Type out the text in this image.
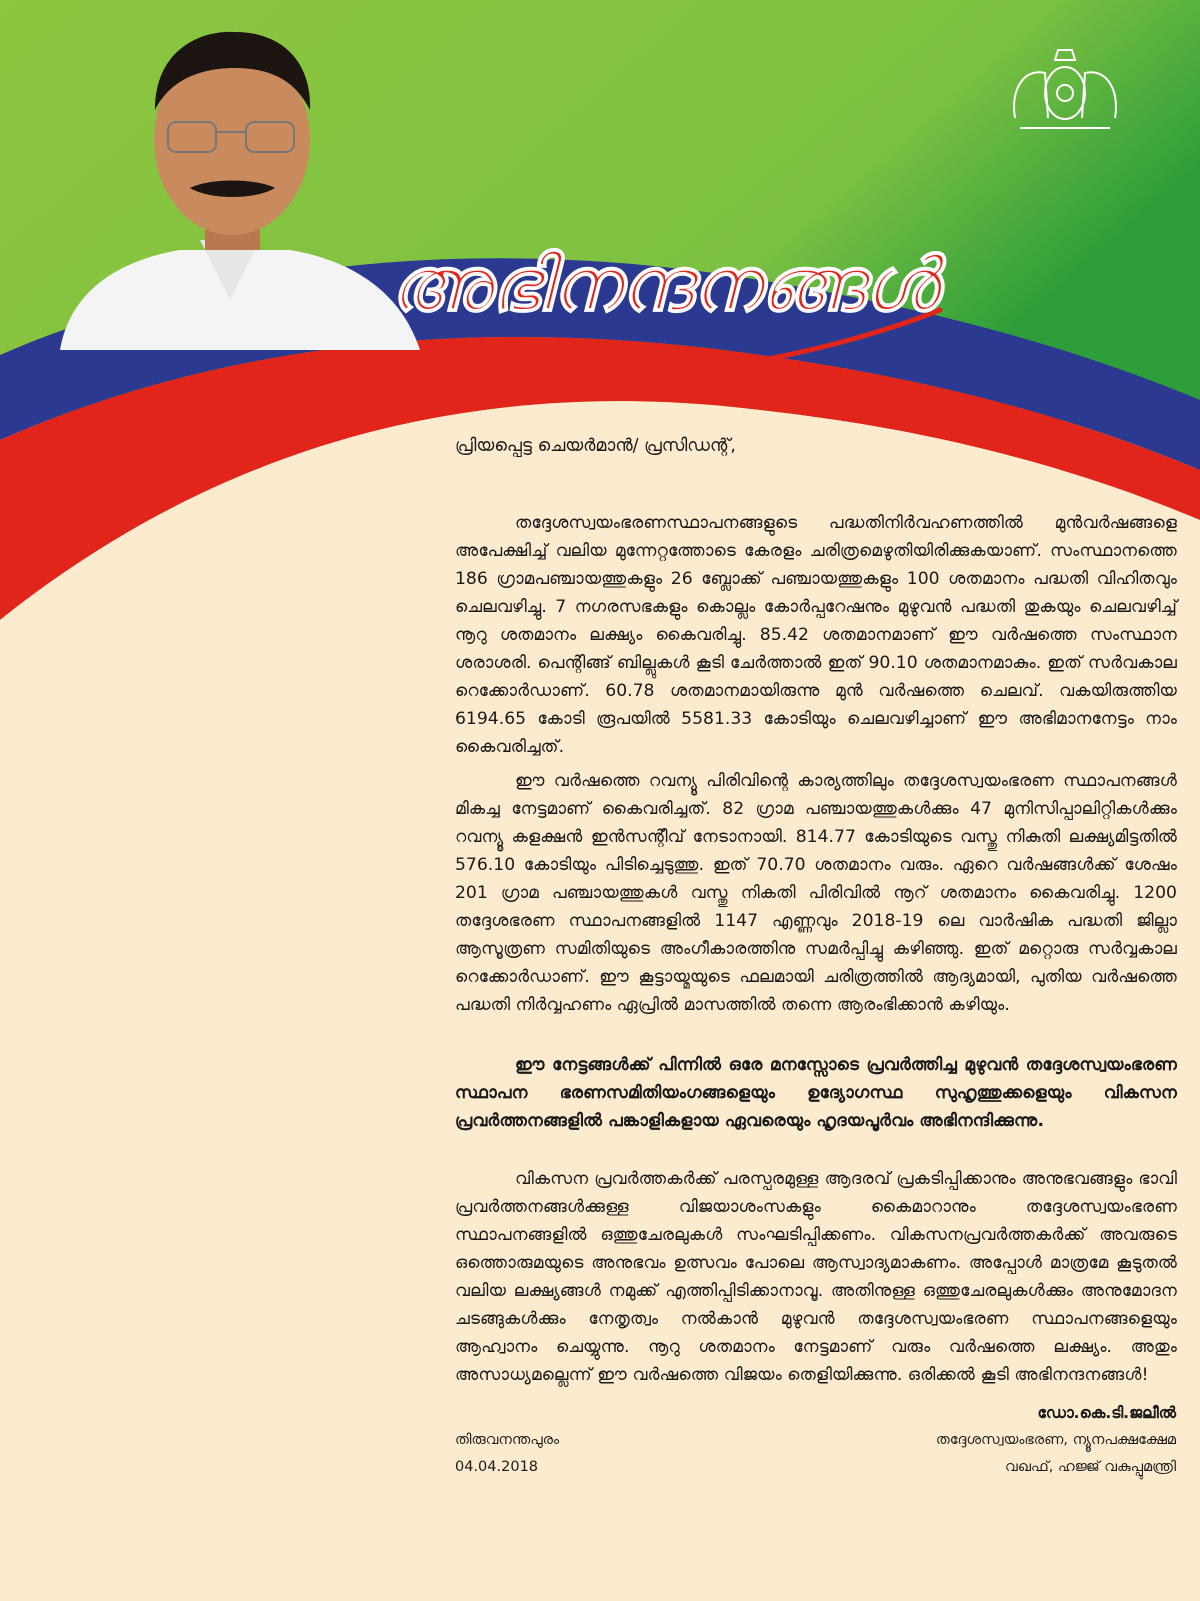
അഭിനന്ദനങ്ങൾ
പ്രിയപ്പെട്ട ചെയർമാൻ/ പ്രസിഡന്റ്,

തദ്ദേശസ്വയംഭരണസ്ഥാപനങ്ങളുടെ പദ്ധതിനിർവഹണത്തിൽ മുൻവർഷങ്ങളെ അപേക്ഷിച്ച് വലിയ മുന്നേറ്റത്തോടെ കേരളം ചരിത്രമെഴുതിയിരിക്കുകയാണ്. സംസ്ഥാനത്തെ 186 ഗ്രാമപഞ്ചായത്തുകളും 26 ബ്ലോക്ക് പഞ്ചായത്തുകളും 100 ശതമാനം പദ്ധതി വിഹിതവും ചെലവഴിച്ചു. 7 നഗരസഭകളും കൊല്ലം കോർപ്പറേഷനും മുഴുവൻ പദ്ധതി തുകയും ചെലവഴിച്ച് നൂറു ശതമാനം ലക്ഷ്യം കൈവരിച്ചു. 85.42 ശതമാനമാണ് ഈ വർഷത്തെ സംസ്ഥാന ശരാശരി. പെന്റിങ്ങ് ബില്ലുകൾ കൂടി ചേർത്താൽ ഇത് 90.10 ശതമാനമാകും. ഇത് സർവകാല റെക്കോർഡാണ്. 60.78 ശതമാനമായിരുന്നു മുൻ വർഷത്തെ ചെലവ്. വകയിരുത്തിയ 6194.65 കോടി രൂപയിൽ 5581.33 കോടിയും ചെലവഴിച്ചാണ് ഈ അഭിമാനനേട്ടം നാം കൈവരിച്ചത്.

ഈ വർഷത്തെ റവന്യൂ പിരിവിന്റെ കാര്യത്തിലും തദ്ദേശസ്വയംഭരണ സ്ഥാപനങ്ങൾ മികച്ച നേട്ടമാണ് കൈവരിച്ചത്. 82 ഗ്രാമ പഞ്ചായത്തുകൾക്കും 47 മുനിസിപ്പാലിറ്റികൾക്കും റവന്യൂ കളക്ഷൻ ഇൻസന്റീവ് നേടാനായി. 814.77 കോടിയുടെ വസ്തു നികുതി ലക്ഷ്യമിട്ടതിൽ 576.10 കോടിയും പിടിച്ചെടുത്തു. ഇത് 70.70 ശതമാനം വരും. ഏറെ വർഷങ്ങൾക്ക് ശേഷം 201 ഗ്രാമ പഞ്ചായത്തുകൾ വസ്തു നികതി പിരിവിൽ നൂറ് ശതമാനം കൈവരിച്ചു. 1200 തദ്ദേശഭരണ സ്ഥാപനങ്ങളിൽ 1147 എണ്ണവും 2018-19 ലെ വാർഷിക പദ്ധതി ജില്ലാ ആസൂത്രണ സമിതിയുടെ അംഗീകാരത്തിനു സമർപ്പിച്ചു കഴിഞ്ഞു. ഇത് മറ്റൊരു സർവ്വകാല റെക്കോർഡാണ്. ഈ കൂട്ടായ്മയുടെ ഫലമായി ചരിത്രത്തിൽ ആദ്യമായി, പുതിയ വർഷത്തെ പദ്ധതി നിർവ്വഹണം ഏപ്രിൽ മാസത്തിൽ തന്നെ ആരംഭിക്കാൻ കഴിയും.

ഈ നേട്ടങ്ങൾക്ക് പിന്നിൽ ഒരേ മനസ്സോടെ പ്രവർത്തിച്ച മുഴുവൻ തദ്ദേശസ്വയംഭരണ സ്ഥാപന ഭരണസമിതിയംഗങ്ങളെയും ഉദ്യോഗസ്ഥ സുഹൃത്തുക്കളെയും വികസന പ്രവർത്തനങ്ങളിൽ പങ്കാളികളായ ഏവരെയും ഹൃദയപൂർവം അഭിനന്ദിക്കുന്നു.

വികസന പ്രവർത്തകർക്ക് പരസ്പരമുള്ള ആദരവ് പ്രകടിപ്പിക്കാനും അനുഭവങ്ങളും ഭാവി പ്രവർത്തനങ്ങൾക്കുള്ള വിജയാശംസകളും കൈമാറാനും തദ്ദേശസ്വയംഭരണ സ്ഥാപനങ്ങളിൽ ഒത്തുചേരലുകൾ സംഘടിപ്പിക്കണം. വികസനപ്രവർത്തകർക്ക് അവരുടെ ഒത്തൊരുമയുടെ അനുഭവം ഉത്സവം പോലെ ആസ്വാദ്യമാകണം. അപ്പോൾ മാത്രമേ കൂടുതൽ വലിയ ലക്ഷ്യങ്ങൾ നമുക്ക് എത്തിപ്പിടിക്കാനാവൂ. അതിനുള്ള ഒത്തുചേരലുകൾക്കും അനുമോദന ചടങ്ങുകൾക്കും നേതൃത്വം നൽകാൻ മുഴുവൻ തദ്ദേശസ്വയംഭരണ സ്ഥാപനങ്ങളെയും ആഹ്വാനം ചെയ്യുന്നു. നൂറു ശതമാനം നേട്ടമാണ് വരും വർഷത്തെ ലക്ഷ്യം. അതും അസാധ്യമല്ലെന്ന് ഈ വർഷത്തെ വിജയം തെളിയിക്കുന്നു. ഒരിക്കൽ കൂടി അഭിനന്ദനങ്ങൾ!

ഡോ.കെ.ടി.ജലീൽ
തദ്ദേശസ്വയംഭരണ, ന്യൂനപക്ഷക്ഷേമ
വഖഫ്, ഹജ്ജ് വകുപ്പുമന്ത്രി
തിരുവനന്തപുരം
04.04.2018
